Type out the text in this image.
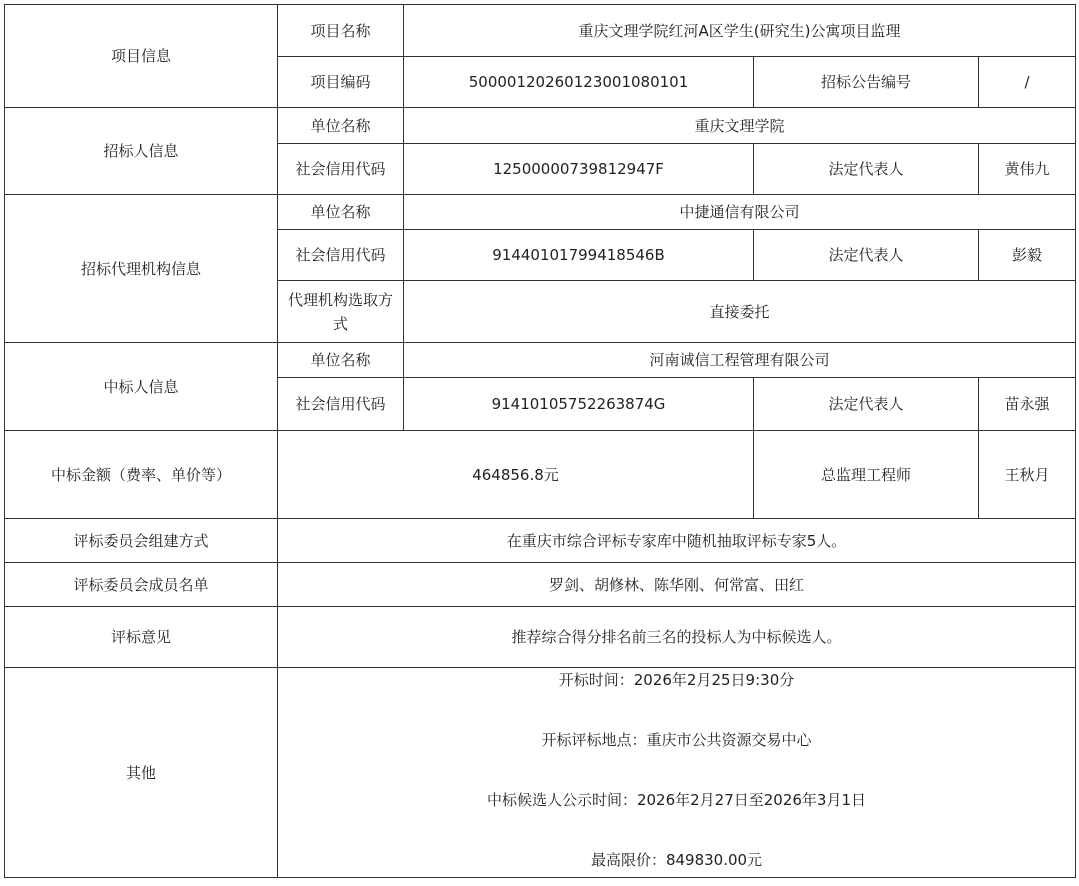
项目信息	项目名称	重庆文理学院红河A区学生(研究生)公寓项目监理		
	项目编码	500001202601230010801​01	招标公告编号	/
招标人信息	单位名称	重庆文理学院		
	社会信用代码	12500000739812947F	法定代表人	黄伟九
招标代理机构信息	单位名称	中捷通信有限公司		
	社会信用代码	91440101799418546B	法定代表人	彭毅
	代理机构选取方式	直接委托		
中标人信息	单位名称	河南诚信工程管理有限公司		
	社会信用代码	91410105752263874G	法定代表人	苗永强
中标金额（费率、单价等）	464856.8元		总监理工程师	王秋月
评标委员会组建方式	在重庆市综合评标专家库中随机抽取评标专家5人。			
评标委员会成员名单	罗剑、胡修林、陈华刚、何常富、田红			
评标意见	推荐综合得分排名前三名的投标人为中标候选人。			
其他	开标时间：2026年2月25日9:30分
开标评标地点：重庆市公共资源交易中心
中标候选人公示时间：2026年2月27日至2026年3月1日
最高限价：849830.00元			
